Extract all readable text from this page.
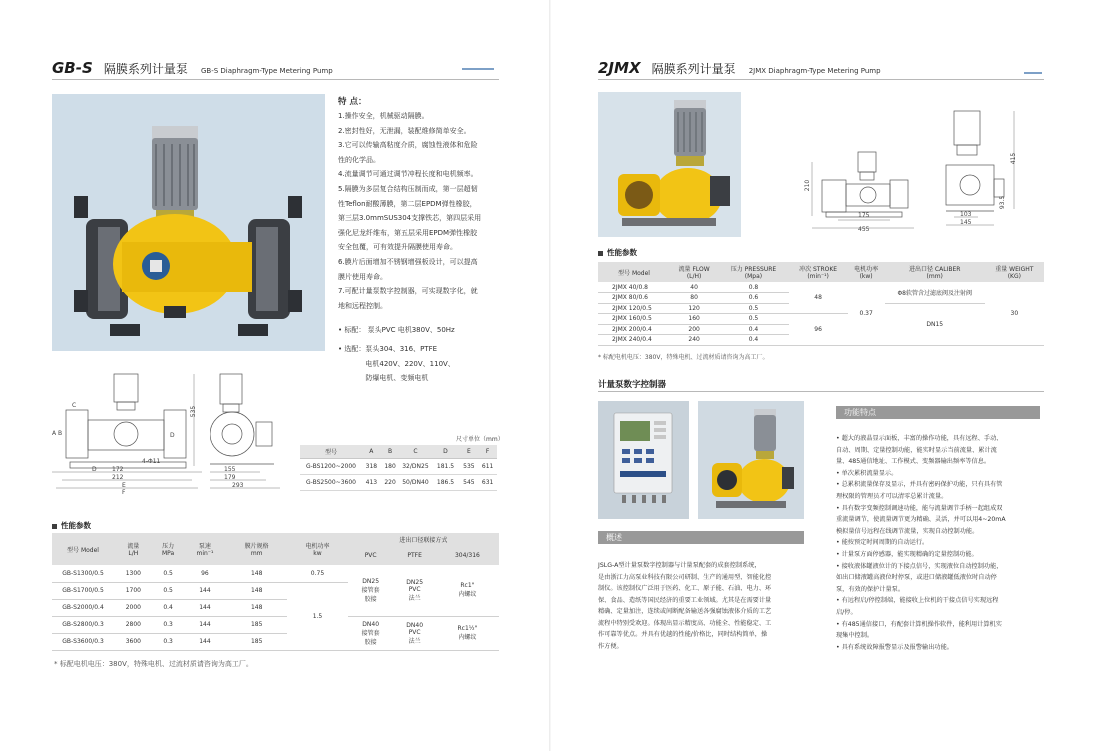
GB-S 隔膜系列计量泵 GB-S Diaphragm-Type Metering Pump
特 点：
1.操作安全，机械驱动隔膜。
2.密封性好，无泄漏，装配维修简单安全。
3.它可以传输高粘度介质，腐蚀性液体和危险
性的化学品。
4.流量调节可通过调节冲程长度和电机频率。
5.隔膜为多层复合结构压制而成，第一层超韧
性Teflon耐酸薄膜，第二层EPDM弹性橡胶，
第三层3.0mmSUS304支撑铁芯，第四层采用
强化尼龙纤维布，第五层采用EPDM弹性橡胶
安全包覆，可有效提升隔膜使用寿命。
6.膜片后面增加不锈钢增强板设计，可以提高
膜片使用寿命。
7.可配计量泵数字控制器，可实现数字化，就
地和远程控制。
• 标配： 泵头PVC 电机380V、50Hz
• 选配： 泵头304、316、PTFE
电机420V、220V、110V、
防爆电机、变频电机
535
172
212
E
F
D
4-Φ11
D
B
C
A
155
179
293
尺寸单位（mm）
型号	A	B	C	D	E	F
G-BS1200~2000	318	180	32/DN25	181.5	535	611
G-BS2500~3600	413	220	50/DN40	186.5	545	631
性能参数
型号 Model	流量
L/H	压力
MPa	泵速
min⁻¹	膜片规格
mm	电机功率
kw	进出口径联接方式		
						PVC	PTFE	304/316
GB-S1300/0.5	1300	0.5	96	148	0.75	DN25
接管套
胶接	DN25
PVC
法兰	Rc1"
内螺纹
GB-S1700/0.5	1700	0.5	144	148	1.5			
GB-S2000/0.4	2000	0.4	144	148				
GB-S2800/0.3	2800	0.3	144	185		DN40
接管套
胶接	DN40
PVC
法兰	Rc1½"
内螺纹
GB-S3600/0.3	3600	0.3	144	185				
* 标配电机电压：380V，特殊电机、过流材质请咨询为高工厂。
2JMX 隔膜系列计量泵 2JMX Diaphragm-Type Metering Pump
210
175
455
415
93.5
103
145
性能参数
型号 Model	流量 FLOW
(L/H)	压力 PRESSURE
(Mpa)	冲次 STROKE
(min⁻¹)	电机功率
(kw)	进出口径 CALIBER
(mm)	重量 WEIGHT
(KG)
2JMX 40/0.8	40	0.8	48	0.37	Φ8软管含过滤底阀及注射阀	30
2JMX 80/0.6	80	0.6				
2JMX 120/0.5	120	0.5			DN15	
2JMX 160/0.5	160	0.5	96			
2JMX 200/0.4	200	0.4				
2JMX 240/0.4	240	0.4				
* 标配电机电压：380V，特殊电机、过流材质请咨询为高工厂。
计量泵数字控制器
概述
JSLG-A型计量泵数字控制器与计量泵配套的成套控制系统，
是由浙江力高泵业科技有限公司研制、生产的通用型、智能化控
制仪。该控制仪广泛用于医药、化工、原子能、石油、电力、环
保、食品、造纸等国民经济的重要工业领域。尤其是在需要计量
精确、定量加注，连续或间断配备输送各强腐蚀液体介质的工艺
流程中特别受欢迎。体现出显示精度高、功能全、性能稳定、工
作可靠等优点。并具有优越的性能/价格比，同时结构简单，操
作方便。
功能特点
• 超大的液晶显示面板，丰富的操作功能，具有远程、手动、
自动、周期、定量控制功能，能实时显示当前流量、累计流
量、485通信地址、工作模式、变频器输出频率等信息。
• 单次累积流量显示。
• 总累积流量保存及显示，并具有密码保护功能，只有具有管
理权限的管理员才可以清零总累计流量。
• 具有数字变频控制调速功能，能与流量调节手柄一起组成双
重流量调节，使流量调节更为精确、灵活，并可以用4~20mA
模拟量信号远程在线调节流量，实现自动控制功能。
• 能按预定时间周期的自动运行。
• 计量泵方面停感器，能实现精确的定量控制功能。
• 接收液体罐液位计的下接点信号，实现液位自动控制功能，
如出口储液罐高液位时停泵，或进口储液罐低液位时自动停
泵，有效的保护计量泵。
• 有远程启/停控制端，能接收上位机的干接点信号实现远程
启/停。
• 有485通信接口，有配套计算机操作软件，能利用计算机实
现集中控制。
• 具有系统故障报警显示及报警输出功能。
